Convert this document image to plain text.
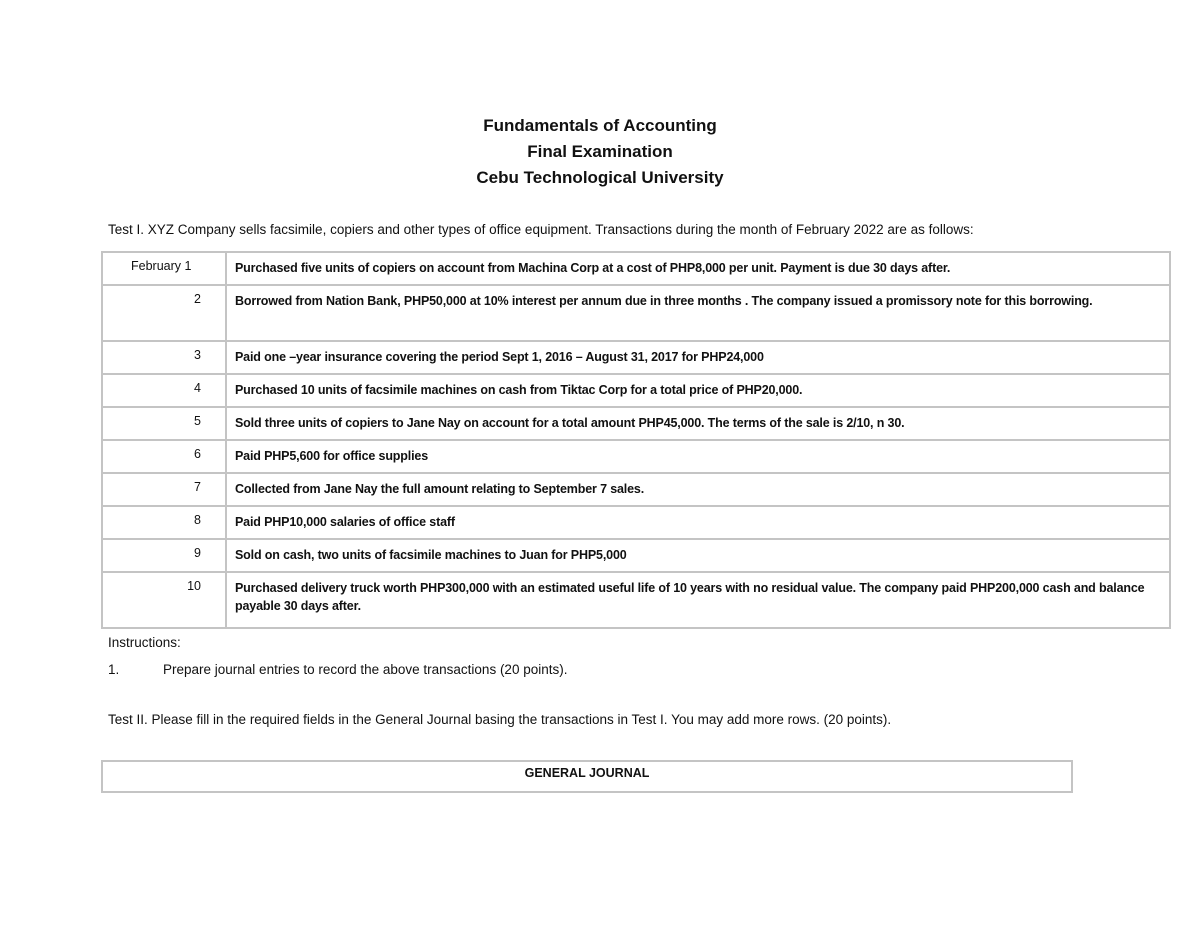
Fundamentals of Accounting
Final Examination
Cebu Technological University
Test I. XYZ Company sells facsimile, copiers and other types of office equipment. Transactions during the month of February 2022 are as follows:
February 1	Purchased five units of copiers on account from Machina Corp at a cost of PHP8,000 per unit. Payment is due 30 days after.
2	Borrowed from Nation Bank, PHP50,000 at 10% interest per annum due in three months . The company issued a promissory note for this borrowing.
3	Paid one –year insurance covering the period Sept 1, 2016 – August 31, 2017 for PHP24,000
4	Purchased 10 units of facsimile machines on cash from Tiktac Corp for a total price of PHP20,000.
5	Sold three units of copiers to Jane Nay on account for a total amount PHP45,000. The terms of the sale is 2/10, n 30.
6	Paid PHP5,600 for office supplies
7	Collected from Jane Nay the full amount relating to September 7 sales.
8	Paid PHP10,000 salaries of office staff
9	Sold on cash, two units of facsimile machines to Juan for PHP5,000
10	Purchased delivery truck worth PHP300,000 with an estimated useful life of 10 years with no residual value. The company paid PHP200,000 cash and balance payable 30 days after.
Instructions:
1.	Prepare journal entries to record the above transactions (20 points).
Test II. Please fill in the required fields in the General Journal basing the transactions in Test I. You may add more rows. (20 points).
GENERAL JOURNAL
